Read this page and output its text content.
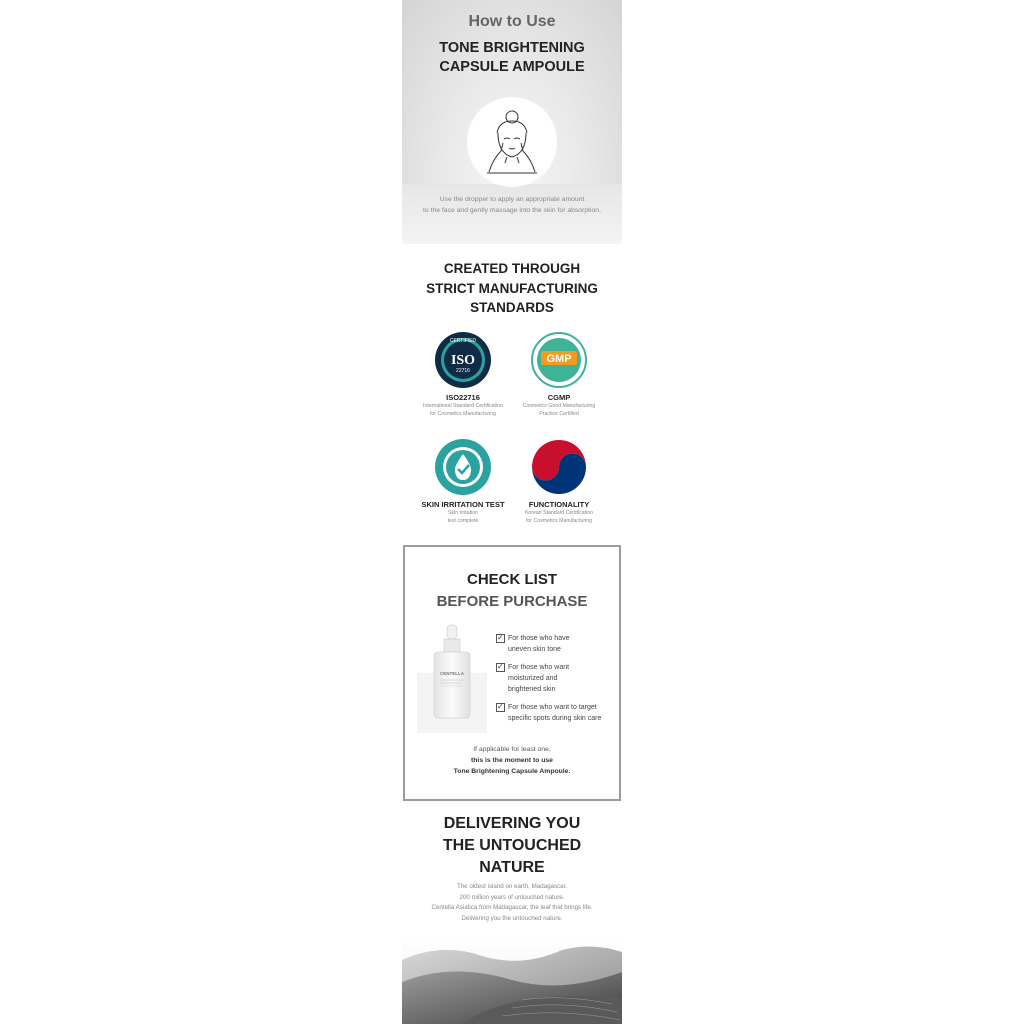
How to Use
TONE BRIGHTENING
CAPSULE AMPOULE
Use the dropper to apply an appropriate amount
to the face and gently massage into the skin for absorption.
CREATED THROUGH
STRICT MANUFACTURING
STANDARDS
CERTIFIED
ISO
22716
ISO22716
International Standard Certification
for Cosmetics Manufacturing
GMP
CGMP
Cosmetics Good Manufacturing
Practice Certified
SKIN IRRITATION TEST
Skin irritation
test complete
FUNCTIONALITY
Korean Standard Certification
for Cosmetics Manufacturing
CHECK LIST
BEFORE PURCHASE
CENTELLA
✓ For those who have
uneven skin tone
✓ For those who want
moisturized and
brightened skin
✓ For those who want to target
specific spots during skin care
If applicable for least one,
this is the moment to use
Tone Brightening Capsule Ampoule.
DELIVERING YOU
THE UNTOUCHED
NATURE
The oldest island on earth, Madagascar.
200 million years of untouched nature.
Centella Asiatica from Madagascar, the leaf that brings life.
Delivering you the untouched nature.
